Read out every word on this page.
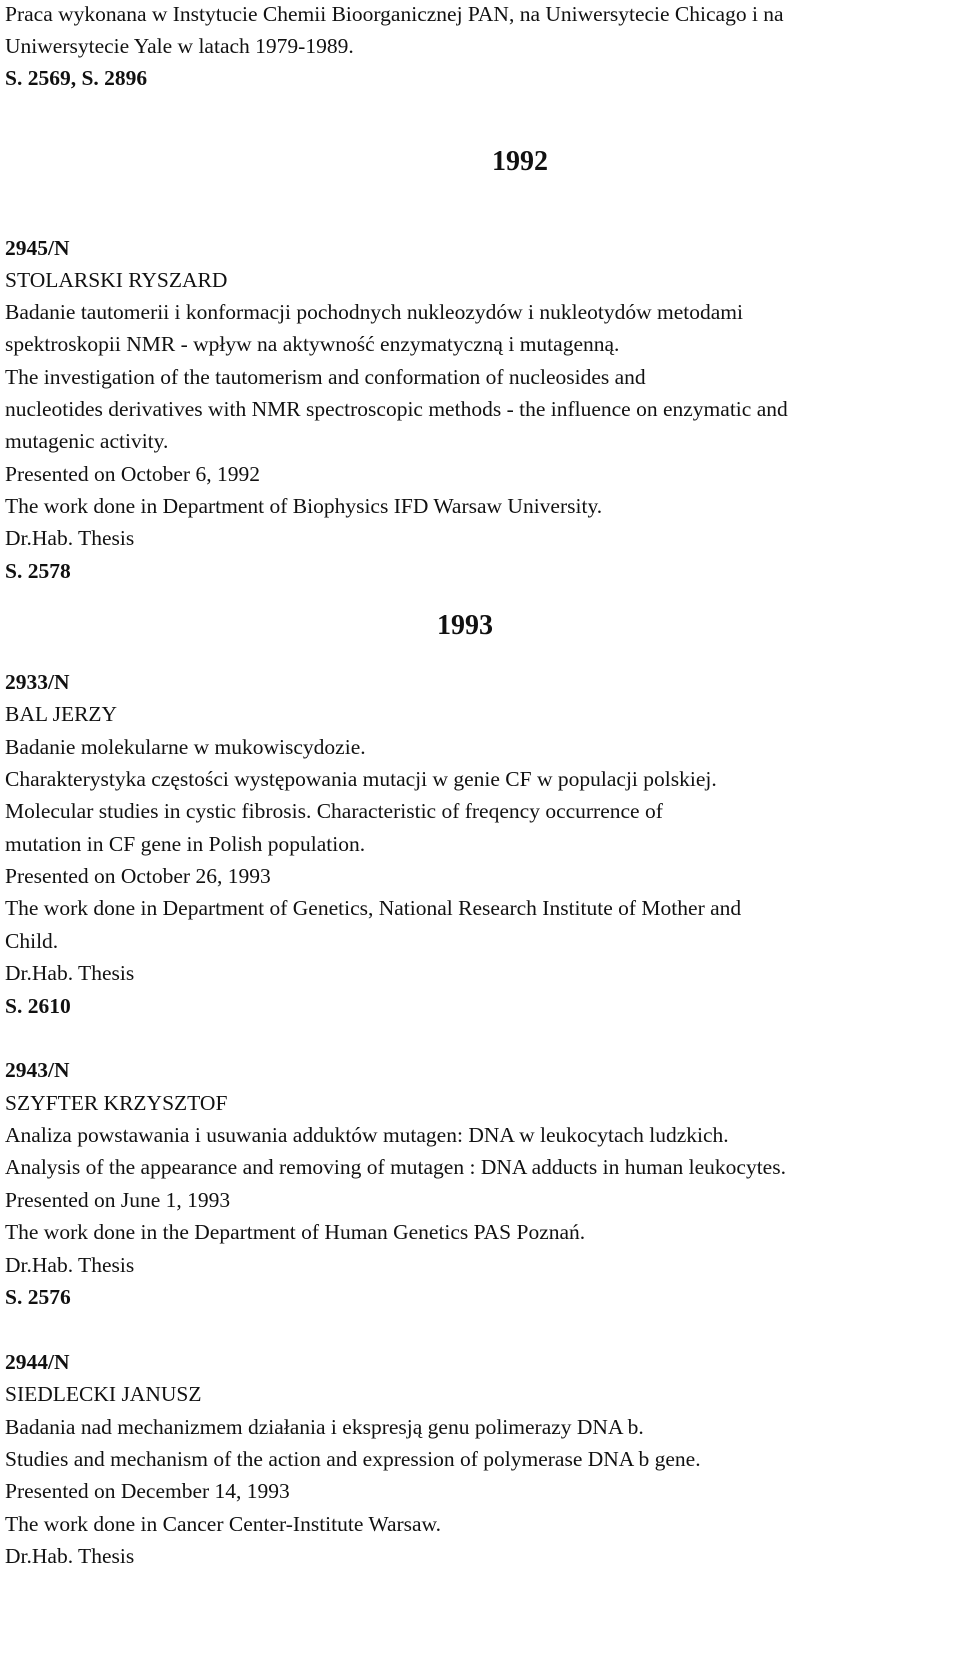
Praca wykonana w Instytucie Chemii Bioorganicznej PAN, na Uniwersytecie Chicago i na
Uniwersytecie Yale w latach 1979-1989.
S. 2569, S. 2896
1992
2945/N
STOLARSKI RYSZARD
Badanie tautomerii i konformacji pochodnych nukleozydów i nukleotydów metodami
spektroskopii NMR - wpływ na aktywność enzymatyczną i mutagenną.
The investigation of the tautomerism and conformation of nucleosides and
nucleotides derivatives with NMR spectroscopic methods - the influence on enzymatic and
mutagenic activity.
Presented on October 6, 1992
The work done in Department of Biophysics IFD Warsaw University.
Dr.Hab. Thesis
S. 2578
1993
2933/N
BAL JERZY
Badanie molekularne w mukowiscydozie.
Charakterystyka częstości występowania mutacji w genie CF w populacji polskiej.
Molecular studies in cystic fibrosis. Characteristic of freqency occurrence of
mutation in CF gene in Polish population.
Presented on October 26, 1993
The work done in Department of Genetics, National Research Institute of Mother and
Child.
Dr.Hab. Thesis
S. 2610
2943/N
SZYFTER KRZYSZTOF
Analiza powstawania i usuwania adduktów mutagen: DNA w leukocytach ludzkich.
Analysis of the appearance and removing of mutagen : DNA adducts in human leukocytes.
Presented on June 1, 1993
The work done in the Department of Human Genetics PAS Poznań.
Dr.Hab. Thesis
S. 2576
2944/N
SIEDLECKI JANUSZ
Badania nad mechanizmem działania i ekspresją genu polimerazy DNA b.
Studies and mechanism of the action and expression of polymerase DNA b gene.
Presented on December 14, 1993
The work done in Cancer Center-Institute Warsaw.
Dr.Hab. Thesis
